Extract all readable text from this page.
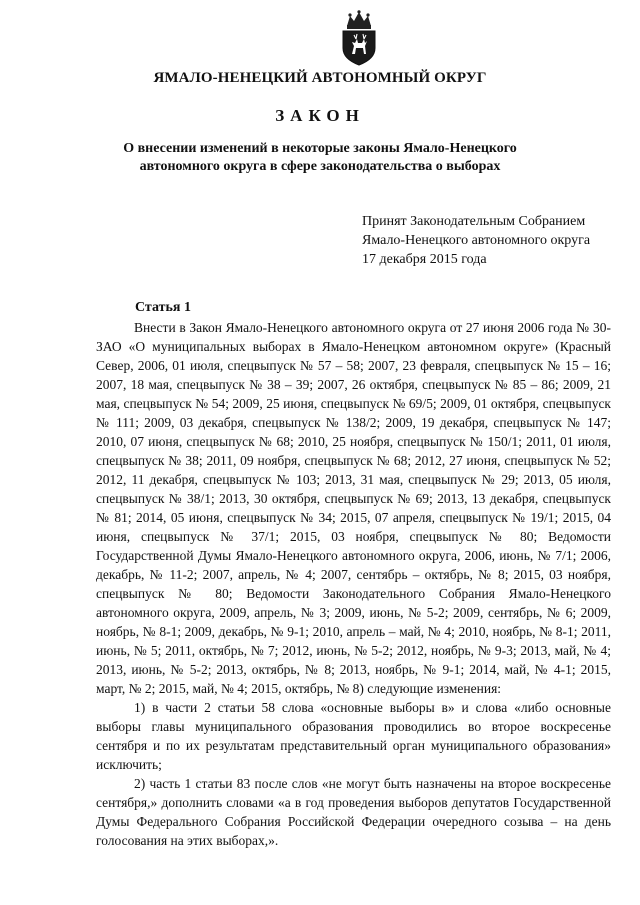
ЯМАЛО-НЕНЕЦКИЙ АВТОНОМНЫЙ ОКРУГ
ЗАКОН
О внесении изменений в некоторые законы Ямало-Ненецкого автономного округа в сфере законодательства о выборах
Принят Законодательным Собранием
Ямало-Ненецкого автономного округа
17 декабря 2015 года
Статья 1

Внести в Закон Ямало-Ненецкого автономного округа от 27 июня 2006 года № 30-ЗАО «О муниципальных выборах в Ямало-Ненецком автономном округе» (Красный Север, 2006, 01 июля, спецвыпуск № 57 – 58; 2007, 23 февраля, спецвыпуск № 15 – 16; 2007, 18 мая, спецвыпуск № 38 – 39; 2007, 26 октября, спецвыпуск № 85 – 86; 2009, 21 мая, спецвыпуск № 54; 2009, 25 июня, спецвыпуск № 69/5; 2009, 01 октября, спецвыпуск № 111; 2009, 03 декабря, спецвыпуск № 138/2; 2009, 19 декабря, спецвыпуск № 147; 2010, 07 июня, спецвыпуск № 68; 2010, 25 ноября, спецвыпуск № 150/1; 2011, 01 июля, спецвыпуск № 38; 2011, 09 ноября, спецвыпуск № 68; 2012, 27 июня, спецвыпуск № 52; 2012, 11 декабря, спецвыпуск № 103; 2013, 31 мая, спецвыпуск № 29; 2013, 05 июля, спецвыпуск № 38/1; 2013, 30 октября, спецвыпуск № 69; 2013, 13 декабря, спецвыпуск № 81; 2014, 05 июня, спецвыпуск № 34; 2015, 07 апреля, спецвыпуск № 19/1; 2015, 04 июня, спецвыпуск № 37/1; 2015, 03 ноября, спецвыпуск № 80; Ведомости Государственной Думы Ямало-Ненецкого автономного округа, 2006, июнь, № 7/1; 2006, декабрь, № 11-2; 2007, апрель, № 4; 2007, сентябрь – октябрь, № 8; 2015, 03 ноября, спецвыпуск № 80; Ведомости Законодательного Собрания Ямало-Ненецкого автономного округа, 2009, апрель, № 3; 2009, июнь, № 5-2; 2009, сентябрь, № 6; 2009, ноябрь, № 8-1; 2009, декабрь, № 9-1; 2010, апрель – май, № 4; 2010, ноябрь, № 8-1; 2011, июнь, № 5; 2011, октябрь, № 7; 2012, июнь, № 5-2; 2012, ноябрь, № 9-3; 2013, май, № 4; 2013, июнь, № 5-2; 2013, октябрь, № 8; 2013, ноябрь, № 9-1; 2014, май, № 4-1; 2015, март, № 2; 2015, май, № 4; 2015, октябрь, № 8) следующие изменения:

1) в части 2 статьи 58 слова «основные выборы в» и слова «либо основные выборы главы муниципального образования проводились во второе воскресенье сентября и по их результатам представительный орган муниципального образования» исключить;

2) часть 1 статьи 83 после слов «не могут быть назначены на второе воскресенье сентября,» дополнить словами «а в год проведения выборов депутатов Государственной Думы Федерального Собрания Российской Федерации очередного созыва – на день голосования на этих выборах,».
